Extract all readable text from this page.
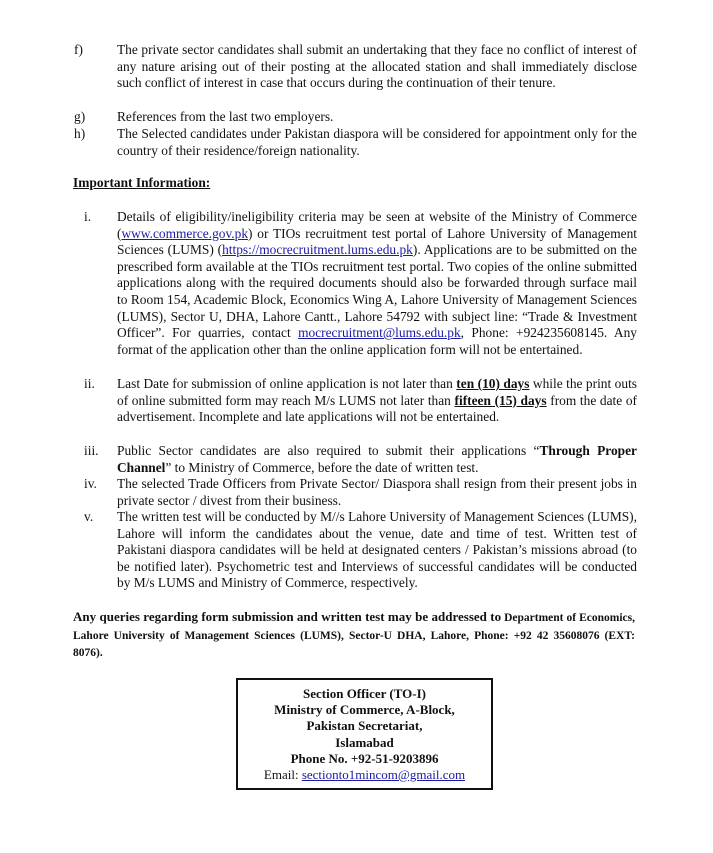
f)	The private sector candidates shall submit an undertaking that they face no conflict of interest of any nature arising out of their posting at the allocated station and shall immediately disclose such conflict of interest in case that occurs during the continuation of their tenure.
g)	References from the last two employers.
h)	The Selected candidates under Pakistan diaspora will be considered for appointment only for the country of their residence/foreign nationality.
Important Information:
i.	Details of eligibility/ineligibility criteria may be seen at website of the Ministry of Commerce (www.commerce.gov.pk) or TIOs recruitment test portal of Lahore University of Management Sciences (LUMS) (https://mocrecruitment.lums.edu.pk). Applications are to be submitted on the prescribed form available at the TIOs recruitment test portal. Two copies of the online submitted applications along with the required documents should also be forwarded through surface mail to Room 154, Academic Block, Economics Wing A, Lahore University of Management Sciences (LUMS), Sector U, DHA, Lahore Cantt., Lahore 54792 with subject line: “Trade & Investment Officer”. For quarries, contact mocrecruitment@lums.edu.pk, Phone: +924235608145. Any format of the application other than the online application form will not be entertained.
ii.	Last Date for submission of online application is not later than ten (10) days while the print outs of online submitted form may reach M/s LUMS not later than fifteen (15) days from the date of advertisement. Incomplete and late applications will not be entertained.
iii.	Public Sector candidates are also required to submit their applications “Through Proper Channel” to Ministry of Commerce, before the date of written test.
iv.	The selected Trade Officers from Private Sector/ Diaspora shall resign from their present jobs in private sector / divest from their business.
v.	The written test will be conducted by M//s Lahore University of Management Sciences (LUMS), Lahore will inform the candidates about the venue, date and time of test. Written test of Pakistani diaspora candidates will be held at designated centers / Pakistan’s missions abroad (to be notified later). Psychometric test and Interviews of successful candidates will be conducted by M/s LUMS and Ministry of Commerce, respectively.
Any queries regarding form submission and written test may be addressed to Department of Economics, Lahore University of Management Sciences (LUMS), Sector-U DHA, Lahore, Phone: +92 42 35608076 (EXT: 8076).
Section Officer (TO-I)
Ministry of Commerce, A-Block,
Pakistan Secretariat,
Islamabad
Phone No. +92-51-9203896
Email: sectionto1mincom@gmail.com
